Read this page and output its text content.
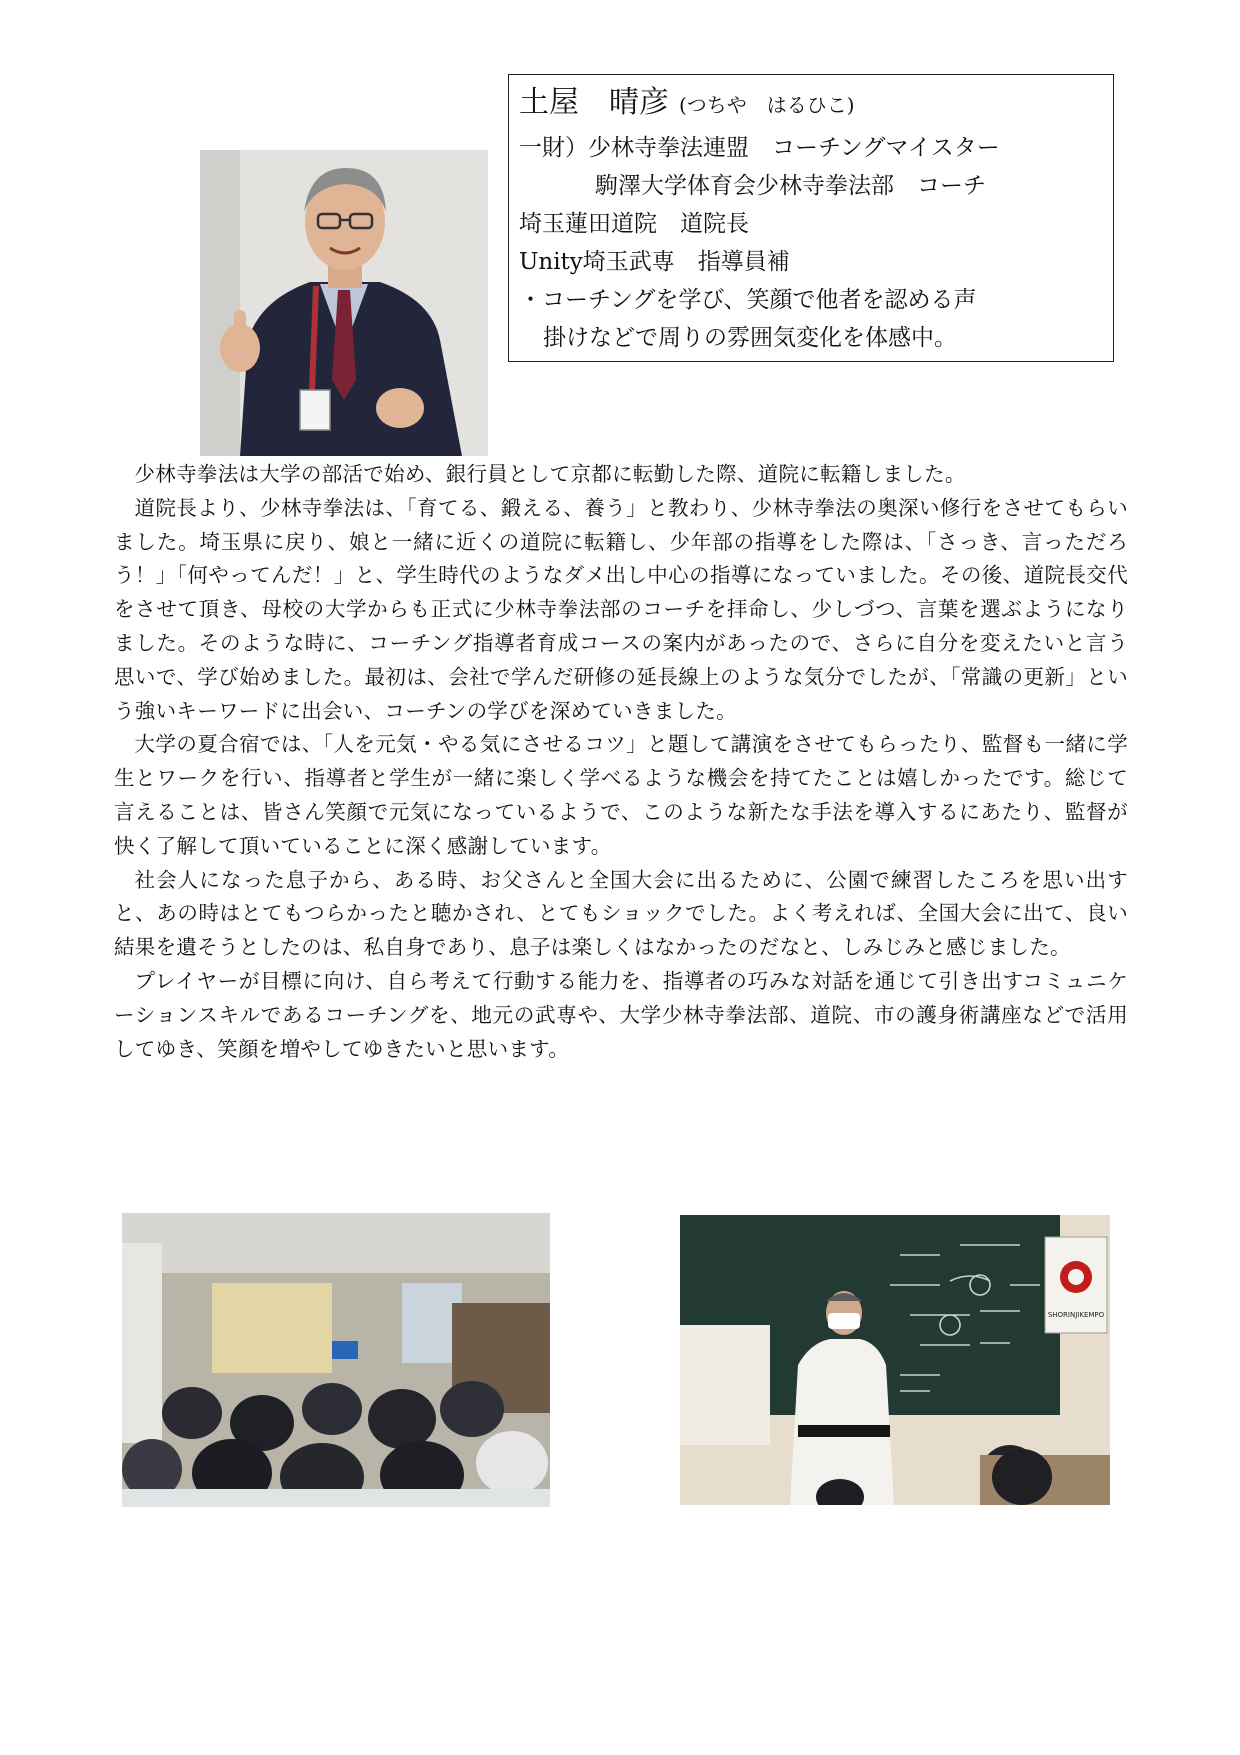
土屋　晴彦 (つちや　はるひこ)
一財）少林寺拳法連盟　コーチングマイスター
駒澤大学体育会少林寺拳法部　コーチ
埼玉蓮田道院　道院長
Unity埼玉武専　指導員補
・コーチングを学び、笑顔で他者を認める声
掛けなどで周りの雰囲気変化を体感中。

少林寺拳法は大学の部活で始め、銀行員として京都に転勤した際、道院に転籍しました。

道院長より、少林寺拳法は、「育てる、鍛える、養う」と教わり、少林寺拳法の奥深い修行をさせてもらいました。埼玉県に戻り、娘と一緒に近くの道院に転籍し、少年部の指導をした際は、「さっき、言っただろう！」「何やってんだ！」と、学生時代のようなダメ出し中心の指導になっていました。その後、道院長交代をさせて頂き、母校の大学からも正式に少林寺拳法部のコーチを拝命し、少しづつ、言葉を選ぶようになりました。そのような時に、コーチング指導者育成コースの案内があったので、さらに自分を変えたいと言う思いで、学び始めました。最初は、会社で学んだ研修の延長線上のような気分でしたが、「常識の更新」という強いキーワードに出会い、コーチンの学びを深めていきました。

大学の夏合宿では、「人を元気・やる気にさせるコツ」と題して講演をさせてもらったり、監督も一緒に学生とワークを行い、指導者と学生が一緒に楽しく学べるような機会を持てたことは嬉しかったです。総じて言えることは、皆さん笑顔で元気になっているようで、このような新たな手法を導入するにあたり、監督が快く了解して頂いていることに深く感謝しています。

社会人になった息子から、ある時、お父さんと全国大会に出るために、公園で練習したころを思い出すと、あの時はとてもつらかったと聴かされ、とてもショックでした。よく考えれば、全国大会に出て、良い結果を遺そうとしたのは、私自身であり、息子は楽しくはなかったのだなと、しみじみと感じました。

プレイヤーが目標に向け、自ら考えて行動する能力を、指導者の巧みな対話を通じて引き出すコミュニケーションスキルであるコーチングを、地元の武専や、大学少林寺拳法部、道院、市の護身術講座などで活用してゆき、笑顔を増やしてゆきたいと思います。

SHORINJIKEMPO
